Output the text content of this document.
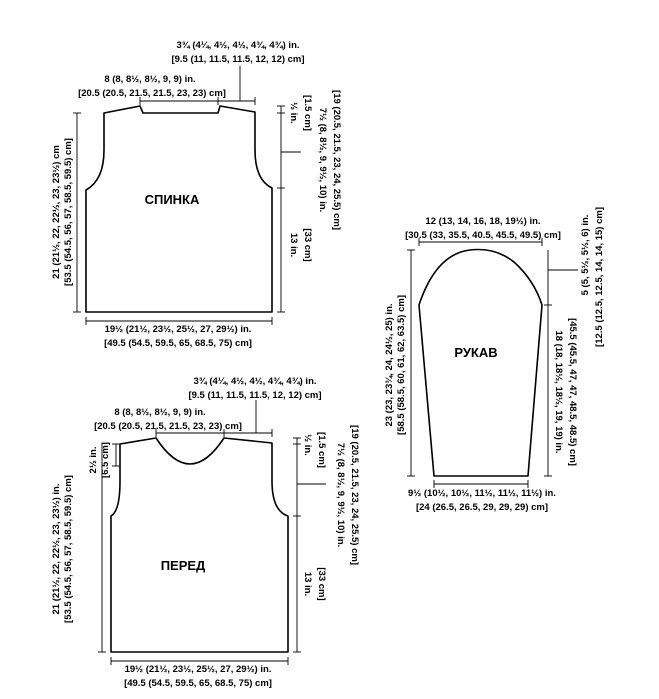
СПИНКА
3¾ (4¼, 4½, 4½, 4¾, 4¾) in.
[9.5 (11, 11.5, 11.5, 12, 12) cm]
8 (8, 8½, 8½, 9, 9) in.
[20.5 (20.5, 21.5, 21.5, 23, 23) cm]
½ in. [1.5 cm] 7½ (8, 8½, 9, 9½, 10) in. [19 (20.5, 21.5, 23, 24, 25.5) cm]
13 in. [33 cm]
21 (21½, 22, 22½, 23, 23½) cm [53.5 (54.5, 56, 57, 58.5, 59.5) cm]
19½ (21½, 23½, 25½, 27, 29½) in.
[49.5 (54.5, 59.5, 65, 68.5, 75) cm]
ПЕРЕД
3¾ (4¼, 4½, 4½, 4¾, 4¾) in.
[9.5 (11, 11.5, 11.5, 12, 12) cm]
8 (8, 8½, 8½, 9, 9) in.
[20.5 (20.5, 21.5, 21.5, 23, 23) cm]
2½ in. [6.5 cm]	½ in. [1.5 cm] 7½ (8, 8½, 9, 9½, 10) in. [19 (20.5, 21.5, 23, 24, 25.5) cm]
13 in. [33 cm]
21 (21½, 22, 22½, 23, 23½) in. [53.5 (54.5, 56, 57, 58.5, 59.5) cm]
19½ (21½, 23½, 25½, 27, 29½) in.
[49.5 (54.5, 59.5, 65, 68.5, 75) cm]
РУКАВ
12 (13, 14, 16, 18, 19½) in.
[30.5 (33, 35.5, 40.5, 45.5, 49.5) cm] 5 (5, 5½, 5½, 6) in. [12.5 (12.5, 12.5, 14, 14, 15) cm]
23 (23, 23¾, 24, 24½, 25) in. [58.5 (58.5, 60, 61, 62, 63.5) cm]	18 (18, 18½, 18½, 19, 19) in. [45.5 (45.5, 47, 47, 48.5, 48.5) cm]
9½ (10½, 10½, 11½, 11½, 11½) in.
[24 (26.5, 26.5, 29, 29, 29) cm]
